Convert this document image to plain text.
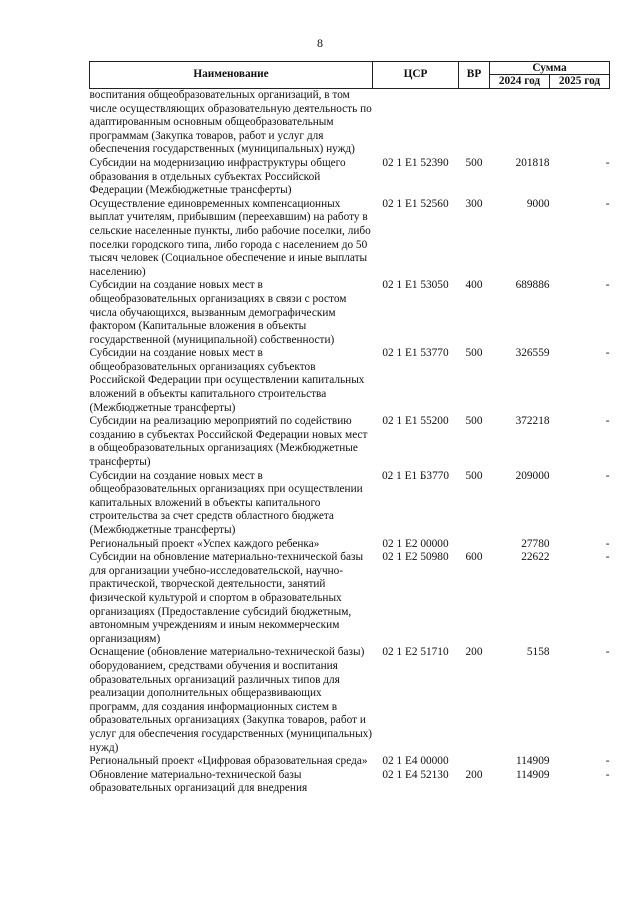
8
Наименование	ЦСР	ВР	Сумма	
			2024 год	2025 год
воспитания общеобразовательных организаций, в том числе осуществляющих образовательную деятельность по адаптированным основным общеобразовательным программам (Закупка товаров, работ и услуг для обеспечения государственных (муниципальных) нужд)				
Субсидии на модернизацию инфраструктуры общего образования в отдельных субъектах Российской Федерации (Межбюджетные трансферты)	02 1 E1 52390	500	201818	-
Осуществление единовременных компенсационных выплат учителям, прибывшим (переехавшим) на работу в сельские населенные пункты, либо рабочие поселки, либо поселки городского типа, либо города с населением до 50 тысяч человек (Социальное обеспечение и иные выплаты населению)	02 1 E1 52560	300	9000	-
Субсидии на создание новых мест в общеобразовательных организациях в связи с ростом числа обучающихся, вызванным демографическим фактором (Капитальные вложения в объекты государственной (муниципальной) собственности)	02 1 E1 53050	400	689886	-
Субсидии на создание новых мест в общеобразовательных организациях субъектов Российской Федерации при осуществлении капитальных вложений в объекты капитального строительства (Межбюджетные трансферты)	02 1 E1 53770	500	326559	-
Субсидии на реализацию мероприятий по содействию созданию в субъектах Российской Федерации новых мест в общеобразовательных организациях (Межбюджетные трансферты)	02 1 E1 55200	500	372218	-
Субсидии на создание новых мест в общеобразовательных организациях при осуществлении капитальных вложений в объекты капитального строительства за счет средств областного бюджета (Межбюджетные трансферты)	02 1 E1 Б3770	500	209000	-
Региональный проект «Успех каждого ребенка»	02 1 E2 00000		27780	-
Субсидии на обновление материально-технической базы для организации учебно-исследовательской, научно-практической, творческой деятельности, занятий физической культурой и спортом в образовательных организациях (Предоставление субсидий бюджетным, автономным учреждениям и иным некоммерческим организациям)	02 1 E2 50980	600	22622	-
Оснащение (обновление материально-технической базы) оборудованием, средствами обучения и воспитания образовательных организаций различных типов для реализации дополнительных общеразвивающих программ, для создания информационных систем в образовательных организациях (Закупка товаров, работ и услуг для обеспечения государственных (муниципальных) нужд)	02 1 E2 51710	200	5158	-
Региональный проект «Цифровая образовательная среда»	02 1 E4 00000		114909	-
Обновление материально-технической базы образовательных организаций для внедрения	02 1 E4 52130	200	114909	-
